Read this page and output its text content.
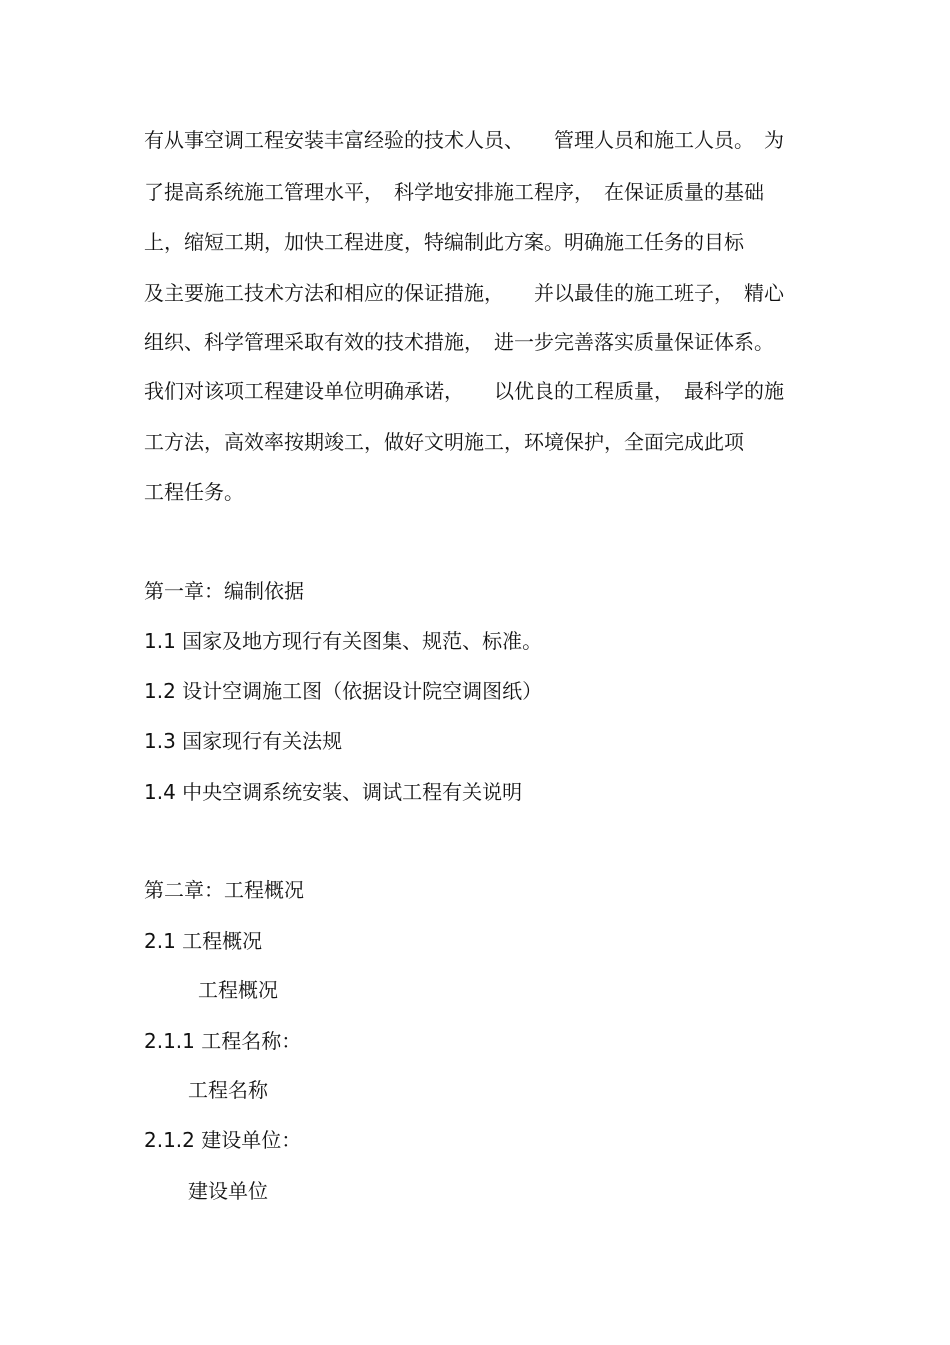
有从事空调工程安装丰富经验的技术人员、　　管理人员和施工人员。　为
了提高系统施工管理水平，　科学地安排施工程序，　在保证质量的基础
上，缩短工期，加快工程进度，特编制此方案。明确施工任务的目标
及主要施工技术方法和相应的保证措施，　　并以最佳的施工班子，　精心
组织、科学管理采取有效的技术措施，　进一步完善落实质量保证体系。
我们对该项工程建设单位明确承诺，　　以优良的工程质量，　最科学的施
工方法，高效率按期竣工，做好文明施工，环境保护，全面完成此项
工程任务。
第一章：编制依据
1.1 国家及地方现行有关图集、规范、标准。
1.2 设计空调施工图（依据设计院空调图纸）
1.3 国家现行有关法规
1.4 中央空调系统安装、调试工程有关说明
第二章：工程概况
2.1 工程概况
工程概况
2.1.1 工程名称：
工程名称
2.1.2 建设单位：
建设单位
